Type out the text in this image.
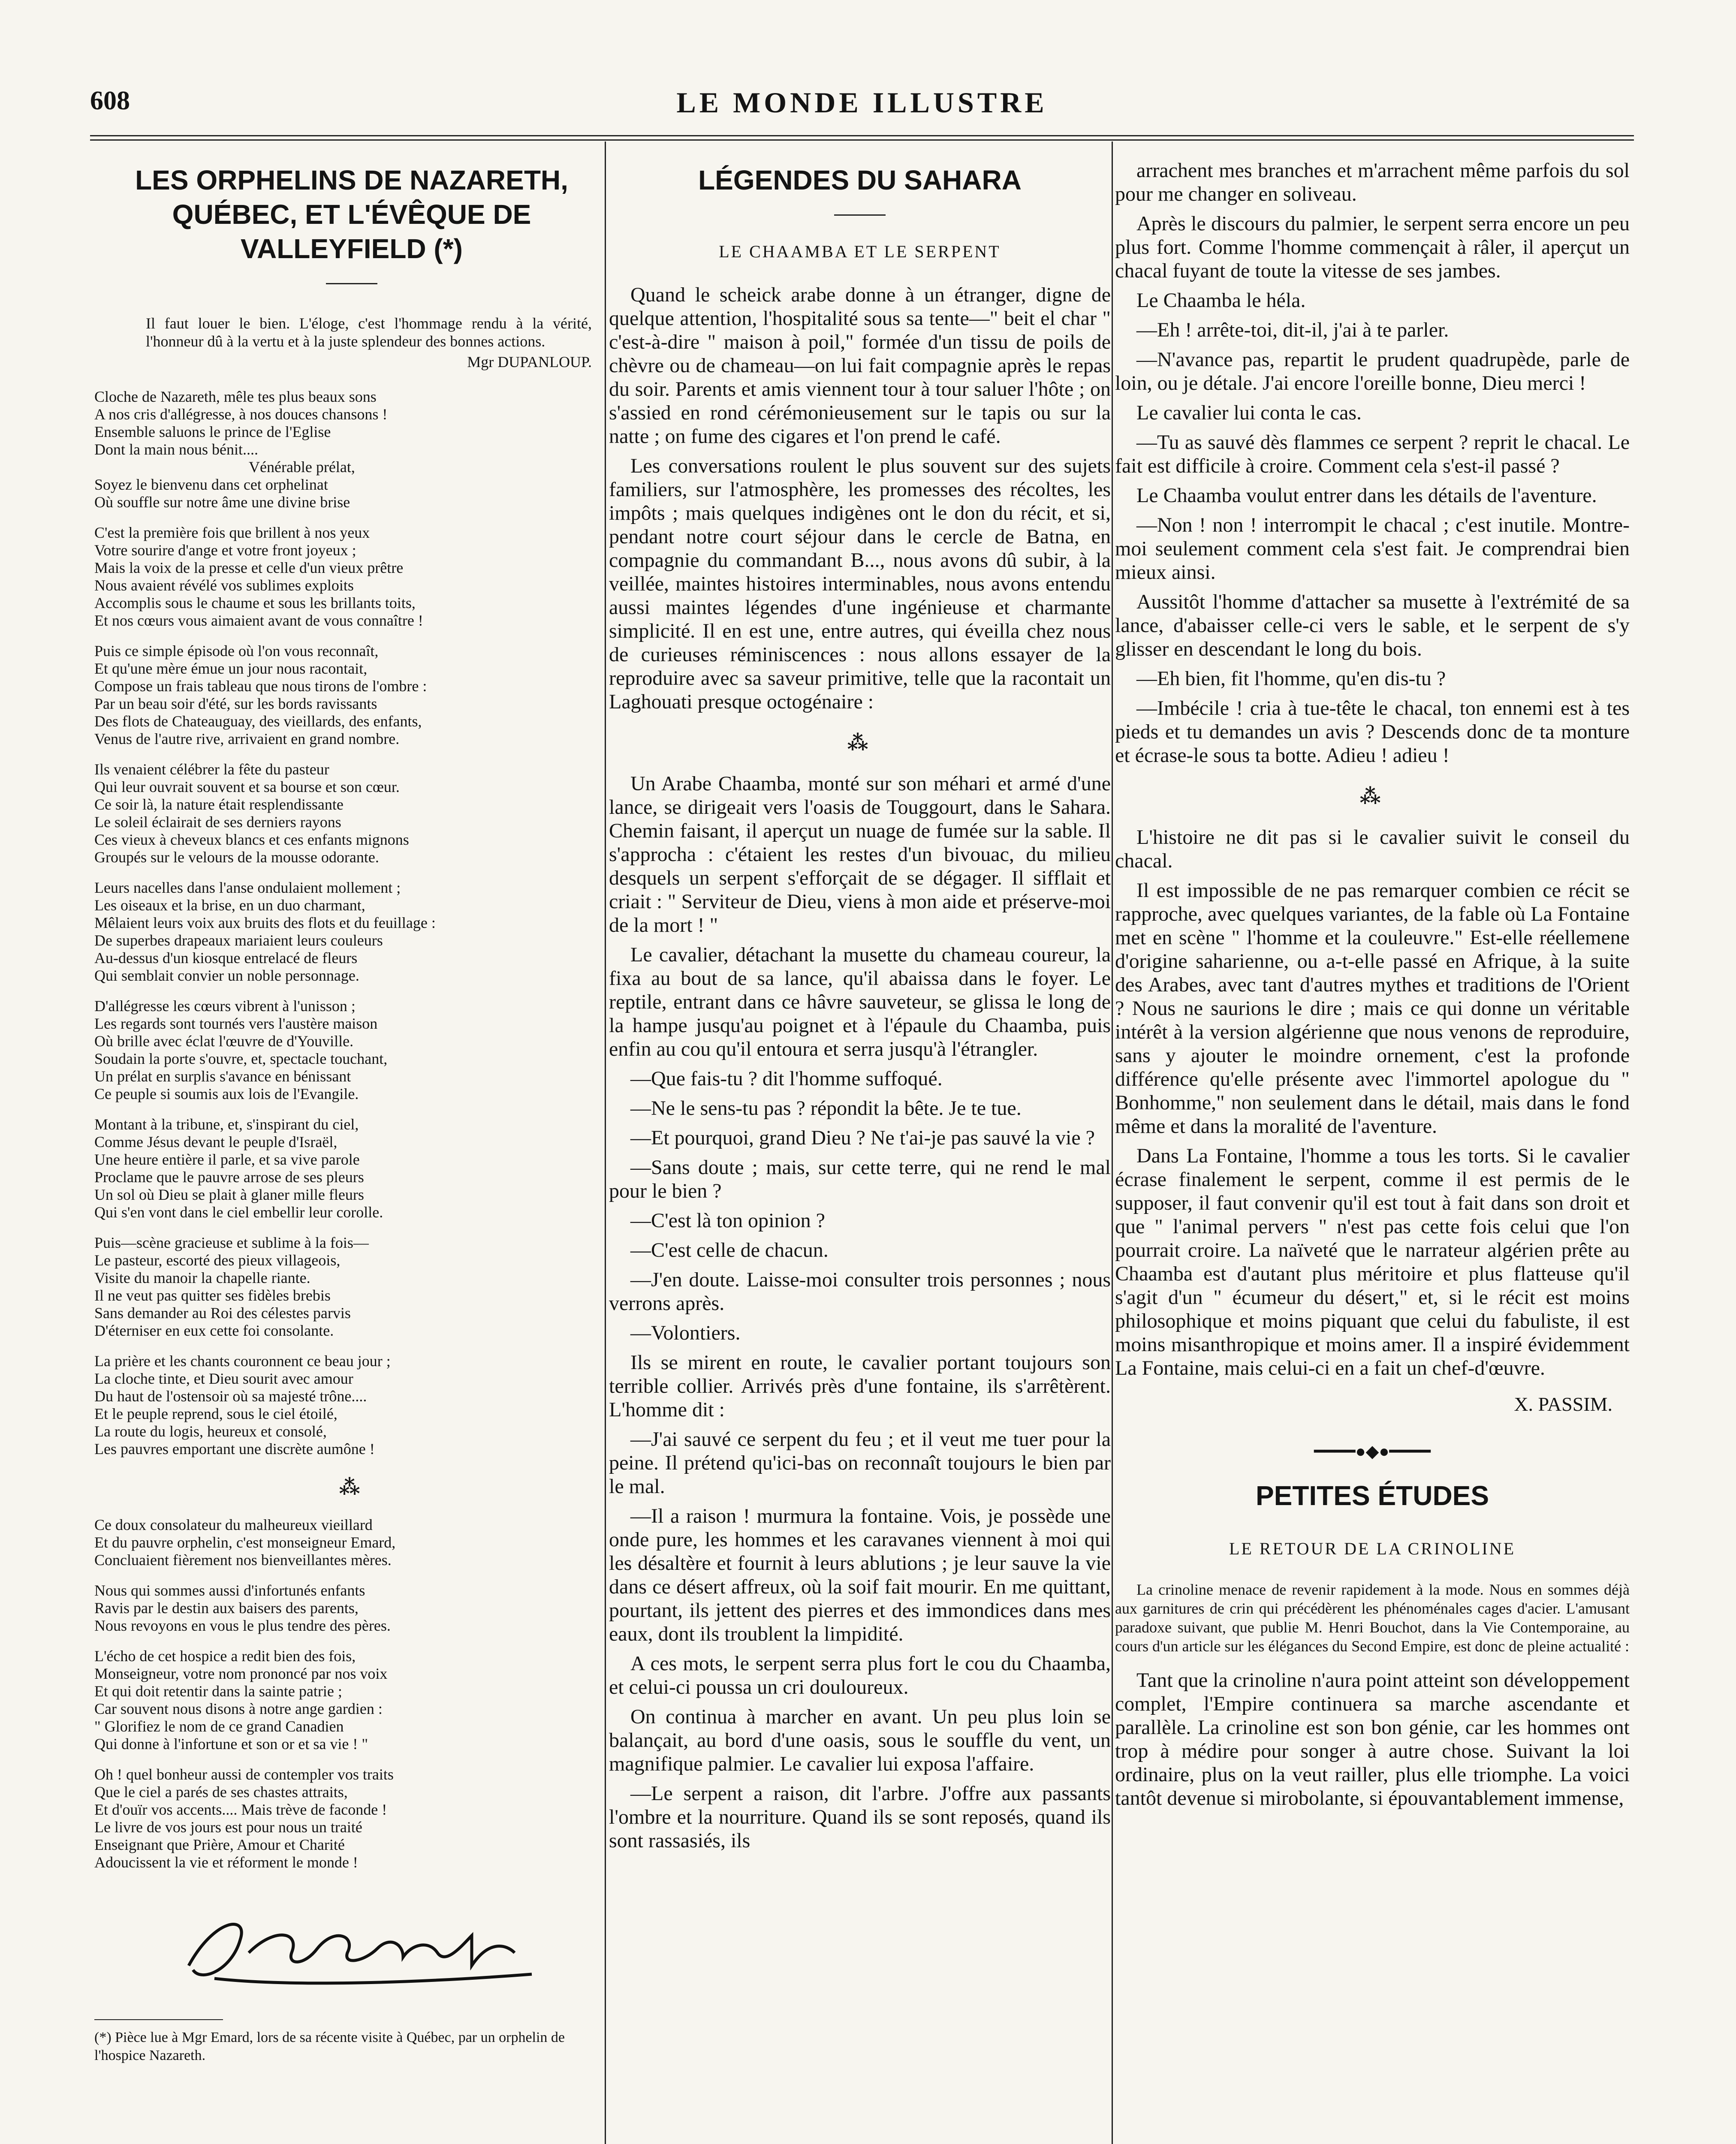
608	LE MONDE ILLUSTRE
LES ORPHELINS DE NAZARETH, QUÉBEC, ET L'ÉVÊQUE DE VALLEYFIELD (*)
Il faut louer le bien. L'éloge, c'est l'hommage rendu à la vérité, l'honneur dû à la vertu et à la juste splendeur des bonnes actions.
Mgr DUPANLOUP.
Cloche de Nazareth, mêle tes plus beaux sons
A nos cris d'allégresse, à nos douces chansons !
Ensemble saluons le prince de l'Eglise
Dont la main nous bénit....
Vénérable prélat,
Soyez le bienvenu dans cet orphelinat
Où souffle sur notre âme une divine brise
C'est la première fois que brillent à nos yeux
Votre sourire d'ange et votre front joyeux ;
Mais la voix de la presse et celle d'un vieux prêtre
Nous avaient révélé vos sublimes exploits
Accomplis sous le chaume et sous les brillants toits,
Et nos cœurs vous aimaient avant de vous connaître !
Puis ce simple épisode où l'on vous reconnaît,
Et qu'une mère émue un jour nous racontait,
Compose un frais tableau que nous tirons de l'ombre :
Par un beau soir d'été, sur les bords ravissants
Des flots de Chateauguay, des vieillards, des enfants,
Venus de l'autre rive, arrivaient en grand nombre.
Ils venaient célébrer la fête du pasteur
Qui leur ouvrait souvent et sa bourse et son cœur.
Ce soir là, la nature était resplendissante
Le soleil éclairait de ses derniers rayons
Ces vieux à cheveux blancs et ces enfants mignons
Groupés sur le velours de la mousse odorante.
Leurs nacelles dans l'anse ondulaient mollement ;
Les oiseaux et la brise, en un duo charmant,
Mêlaient leurs voix aux bruits des flots et du feuillage :
De superbes drapeaux mariaient leurs couleurs
Au-dessus d'un kiosque entrelacé de fleurs
Qui semblait convier un noble personnage.
D'allégresse les cœurs vibrent à l'unisson ;
Les regards sont tournés vers l'austère maison
Où brille avec éclat l'œuvre de d'Youville.
Soudain la porte s'ouvre, et, spectacle touchant,
Un prélat en surplis s'avance en bénissant
Ce peuple si soumis aux lois de l'Evangile.
Montant à la tribune, et, s'inspirant du ciel,
Comme Jésus devant le peuple d'Israël,
Une heure entière il parle, et sa vive parole
Proclame que le pauvre arrose de ses pleurs
Un sol où Dieu se plait à glaner mille fleurs
Qui s'en vont dans le ciel embellir leur corolle.
Puis—scène gracieuse et sublime à la fois—
Le pasteur, escorté des pieux villageois,
Visite du manoir la chapelle riante.
Il ne veut pas quitter ses fidèles brebis
Sans demander au Roi des célestes parvis
D'éterniser en eux cette foi consolante.
La prière et les chants couronnent ce beau jour ;
La cloche tinte, et Dieu sourit avec amour
Du haut de l'ostensoir où sa majesté trône....
Et le peuple reprend, sous le ciel étoilé,
La route du logis, heureux et consolé,
Les pauvres emportant une discrète aumône !
⁂
Ce doux consolateur du malheureux vieillard
Et du pauvre orphelin, c'est monseigneur Emard,
Concluaient fièrement nos bienveillantes mères.
Nous qui sommes aussi d'infortunés enfants
Ravis par le destin aux baisers des parents,
Nous revoyons en vous le plus tendre des pères.
L'écho de cet hospice a redit bien des fois,
Monseigneur, votre nom prononcé par nos voix
Et qui doit retentir dans la sainte patrie ;
Car souvent nous disons à notre ange gardien :
" Glorifiez le nom de ce grand Canadien
Qui donne à l'infortune et son or et sa vie ! "
Oh ! quel bonheur aussi de contempler vos traits
Que le ciel a parés de ses chastes attraits,
Et d'ouïr vos accents.... Mais trève de faconde !
Le livre de vos jours est pour nous un traité
Enseignant que Prière, Amour et Charité
Adoucissent la vie et réforment le monde !
(*) Pièce lue à Mgr Emard, lors de sa récente visite à Québec, par un orphelin de l'hospice Nazareth.
LÉGENDES DU SAHARA
LE CHAAMBA ET LE SERPENT

Quand le scheick arabe donne à un étranger, digne de quelque attention, l'hospitalité sous sa tente—" beit el char " c'est-à-dire " maison à poil," formée d'un tissu de poils de chèvre ou de chameau—on lui fait compagnie après le repas du soir. Parents et amis viennent tour à tour saluer l'hôte ; on s'assied en rond cérémonieusement sur le tapis ou sur la natte ; on fume des cigares et l'on prend le café.

Les conversations roulent le plus souvent sur des sujets familiers, sur l'atmosphère, les promesses des récoltes, les impôts ; mais quelques indigènes ont le don du récit, et si, pendant notre court séjour dans le cercle de Batna, en compagnie du commandant B..., nous avons dû subir, à la veillée, maintes histoires interminables, nous avons entendu aussi maintes légendes d'une ingénieuse et charmante simplicité. Il en est une, entre autres, qui éveilla chez nous de curieuses réminiscences : nous allons essayer de la reproduire avec sa saveur primitive, telle que la racontait un Laghouati presque octogénaire :

⁂

Un Arabe Chaamba, monté sur son méhari et armé d'une lance, se dirigeait vers l'oasis de Touggourt, dans le Sahara. Chemin faisant, il aperçut un nuage de fumée sur la sable. Il s'approcha : c'étaient les restes d'un bivouac, du milieu desquels un serpent s'efforçait de se dégager. Il sifflait et criait : " Serviteur de Dieu, viens à mon aide et préserve-moi de la mort ! "

Le cavalier, détachant la musette du chameau coureur, la fixa au bout de sa lance, qu'il abaissa dans le foyer. Le reptile, entrant dans ce hâvre sauveteur, se glissa le long de la hampe jusqu'au poignet et à l'épaule du Chaamba, puis enfin au cou qu'il entoura et serra jusqu'à l'étrangler.

—Que fais-tu ? dit l'homme suffoqué.

—Ne le sens-tu pas ? répondit la bête. Je te tue.

—Et pourquoi, grand Dieu ? Ne t'ai-je pas sauvé la vie ?

—Sans doute ; mais, sur cette terre, qui ne rend le mal pour le bien ?

—C'est là ton opinion ?

—C'est celle de chacun.

—J'en doute. Laisse-moi consulter trois personnes ; nous verrons après.

—Volontiers.

Ils se mirent en route, le cavalier portant toujours son terrible collier. Arrivés près d'une fontaine, ils s'arrêtèrent. L'homme dit :

—J'ai sauvé ce serpent du feu ; et il veut me tuer pour la peine. Il prétend qu'ici-bas on reconnaît toujours le bien par le mal.

—Il a raison ! murmura la fontaine. Vois, je possède une onde pure, les hommes et les caravanes viennent à moi qui les désaltère et fournit à leurs ablutions ; je leur sauve la vie dans ce désert affreux, où la soif fait mourir. En me quittant, pourtant, ils jettent des pierres et des immondices dans mes eaux, dont ils troublent la limpidité.

A ces mots, le serpent serra plus fort le cou du Chaamba, et celui-ci poussa un cri douloureux.

On continua à marcher en avant. Un peu plus loin se balançait, au bord d'une oasis, sous le souffle du vent, un magnifique palmier. Le cavalier lui exposa l'affaire.

—Le serpent a raison, dit l'arbre. J'offre aux passants l'ombre et la nourriture. Quand ils se sont reposés, quand ils sont rassasiés, ils

arrachent mes branches et m'arrachent même parfois du sol pour me changer en soliveau.

Après le discours du palmier, le serpent serra encore un peu plus fort. Comme l'homme commençait à râler, il aperçut un chacal fuyant de toute la vitesse de ses jambes.

Le Chaamba le héla.

—Eh ! arrête-toi, dit-il, j'ai à te parler.

—N'avance pas, repartit le prudent quadrupède, parle de loin, ou je détale. J'ai encore l'oreille bonne, Dieu merci !

Le cavalier lui conta le cas.

—Tu as sauvé dès flammes ce serpent ? reprit le chacal. Le fait est difficile à croire. Comment cela s'est-il passé ?

Le Chaamba voulut entrer dans les détails de l'aventure.

—Non ! non ! interrompit le chacal ; c'est inutile. Montre-moi seulement comment cela s'est fait. Je comprendrai bien mieux ainsi.

Aussitôt l'homme d'attacher sa musette à l'extrémité de sa lance, d'abaisser celle-ci vers le sable, et le serpent de s'y glisser en descendant le long du bois.

—Eh bien, fit l'homme, qu'en dis-tu ?

—Imbécile ! cria à tue-tête le chacal, ton ennemi est à tes pieds et tu demandes un avis ? Descends donc de ta monture et écrase-le sous ta botte. Adieu ! adieu !

⁂

L'histoire ne dit pas si le cavalier suivit le conseil du chacal.

Il est impossible de ne pas remarquer combien ce récit se rapproche, avec quelques variantes, de la fable où La Fontaine met en scène " l'homme et la couleuvre." Est-elle réellemene d'origine saharienne, ou a-t-elle passé en Afrique, à la suite des Arabes, avec tant d'autres mythes et traditions de l'Orient ? Nous ne saurions le dire ; mais ce qui donne un véritable intérêt à la version algérienne que nous venons de reproduire, sans y ajouter le moindre ornement, c'est la profonde différence qu'elle présente avec l'immortel apologue du " Bonhomme," non seulement dans le détail, mais dans le fond même et dans la moralité de l'aventure.

Dans La Fontaine, l'homme a tous les torts. Si le cavalier écrase finalement le serpent, comme il est permis de le supposer, il faut convenir qu'il est tout à fait dans son droit et que " l'animal pervers " n'est pas cette fois celui que l'on pourrait croire. La naïveté que le narrateur algérien prête au Chaamba est d'autant plus méritoire et plus flatteuse qu'il s'agit d'un " écumeur du désert," et, si le récit est moins philosophique et moins piquant que celui du fabuliste, il est moins misanthropique et moins amer. Il a inspiré évidemment La Fontaine, mais celui-ci en a fait un chef-d'œuvre.

X. PASSIM.
━━━━●◆●━━━━
PETITES ÉTUDES
LE RETOUR DE LA CRINOLINE

La crinoline menace de revenir rapidement à la mode. Nous en sommes déjà aux garnitures de crin qui précédèrent les phénoménales cages d'acier. L'amusant paradoxe suivant, que publie M. Henri Bouchot, dans la Vie Contemporaine, au cours d'un article sur les élégances du Second Empire, est donc de pleine actualité :

Tant que la crinoline n'aura point atteint son développement complet, l'Empire continuera sa marche ascendante et parallèle. La crinoline est son bon génie, car les hommes ont trop à médire pour songer à autre chose. Suivant la loi ordinaire, plus on la veut railler, plus elle triomphe. La voici tantôt devenue si mirobolante, si épouvantablement immense,
